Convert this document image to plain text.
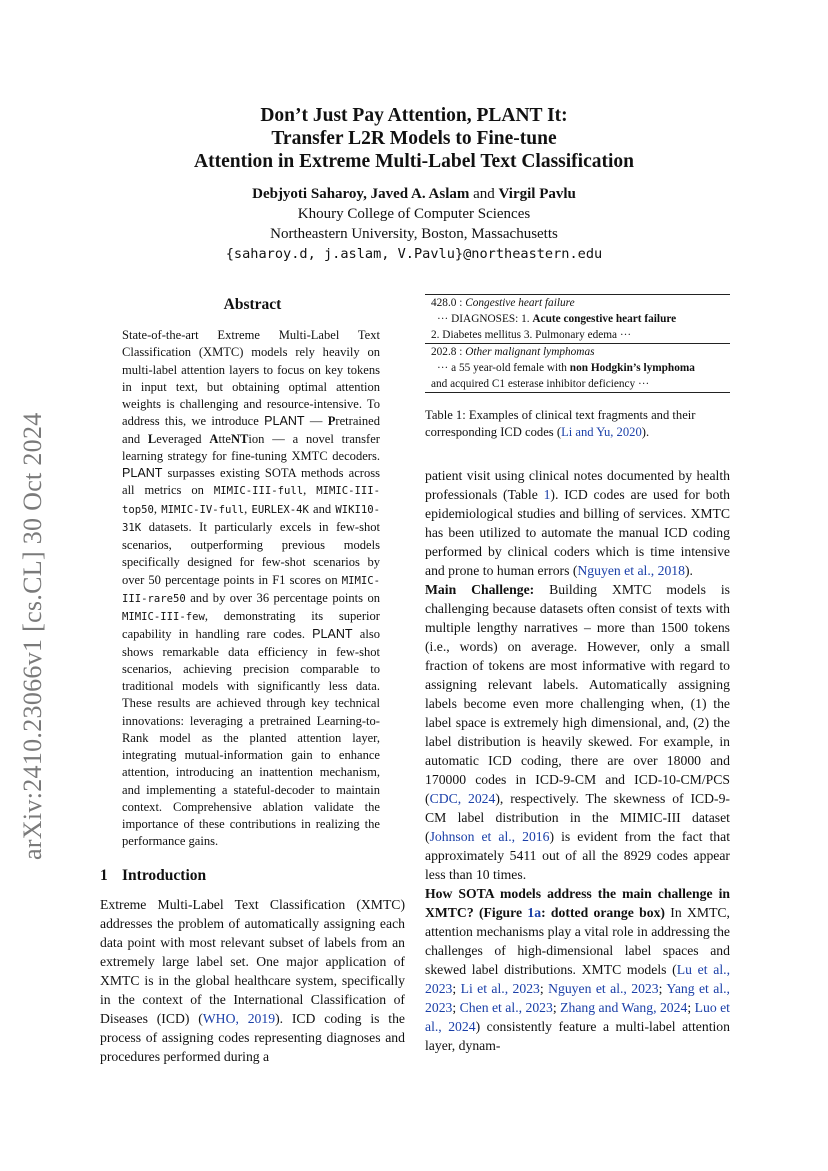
arXiv:2410.23066v1 [cs.CL] 30 Oct 2024
Don’t Just Pay Attention, PLANT It:
Transfer L2R Models to Fine-tune
Attention in Extreme Multi-Label Text Classification
Debjyoti Saharoy, Javed A. Aslam and Virgil Pavlu
Khoury College of Computer Sciences
Northeastern University, Boston, Massachusetts
{saharoy.d, j.aslam, V.Pavlu}@northeastern.edu
Abstract
State-of-the-art Extreme Multi-Label Text Classification (XMTC) models rely heavily on multi-label attention layers to focus on key tokens in input text, but obtaining optimal attention weights is challenging and resource-intensive. To address this, we introduce PLANT — Pretrained and Leveraged AtteNTion — a novel transfer learning strategy for fine-tuning XMTC decoders. PLANT surpasses existing SOTA methods across all metrics on MIMIC-III-full, MIMIC-III-top50, MIMIC-IV-full, EURLEX-4K and WIKI10-31K datasets. It particularly excels in few-shot scenarios, outperforming previous models specifically designed for few-shot scenarios by over 50 percentage points in F1 scores on MIMIC-III-rare50 and by over 36 percentage points on MIMIC-III-few, demonstrating its superior capability in handling rare codes. PLANT also shows remarkable data efficiency in few-shot scenarios, achieving precision comparable to traditional models with significantly less data. These results are achieved through key technical innovations: leveraging a pretrained Learning-to-Rank model as the planted attention layer, integrating mutual-information gain to enhance attention, introducing an inattention mechanism, and implementing a stateful-decoder to maintain context. Comprehensive ablation validate the importance of these contributions in realizing the performance gains.
1 Introduction
Extreme Multi-Label Text Classification (XMTC) addresses the problem of automatically assigning each data point with most relevant subset of labels from an extremely large label set. One major application of XMTC is in the global healthcare system, specifically in the context of the International Classification of Diseases (ICD) (WHO, 2019). ICD coding is the process of assigning codes representing diagnoses and procedures performed during a
428.0 : Congestive heart failure
··· DIAGNOSES: 1. Acute congestive heart failure
2. Diabetes mellitus 3. Pulmonary edema ···
202.8 : Other malignant lymphomas
··· a 55 year-old female with non Hodgkin’s lymphoma
and acquired C1 esterase inhibitor deficiency ···
Table 1: Examples of clinical text fragments and their corresponding ICD codes (Li and Yu, 2020).
patient visit using clinical notes documented by health professionals (Table 1). ICD codes are used for both epidemiological studies and billing of services. XMTC has been utilized to automate the manual ICD coding performed by clinical coders which is time intensive and prone to human errors (Nguyen et al., 2018).
Main Challenge: Building XMTC models is challenging because datasets often consist of texts with multiple lengthy narratives – more than 1500 tokens (i.e., words) on average. However, only a small fraction of tokens are most informative with regard to assigning relevant labels. Automatically assigning labels become even more challenging when, (1) the label space is extremely high dimensional, and, (2) the label distribution is heavily skewed. For example, in automatic ICD coding, there are over 18000 and 170000 codes in ICD-9-CM and ICD-10-CM/PCS (CDC, 2024), respectively. The skewness of ICD-9-CM label distribution in the MIMIC-III dataset (Johnson et al., 2016) is evident from the fact that approximately 5411 out of all the 8929 codes appear less than 10 times.
How SOTA models address the main challenge in XMTC? (Figure 1a: dotted orange box) In XMTC, attention mechanisms play a vital role in addressing the challenges of high-dimensional label spaces and skewed label distributions. XMTC models (Lu et al., 2023; Li et al., 2023; Nguyen et al., 2023; Yang et al., 2023; Chen et al., 2023; Zhang and Wang, 2024; Luo et al., 2024) consistently feature a multi-label attention layer, dynam-
